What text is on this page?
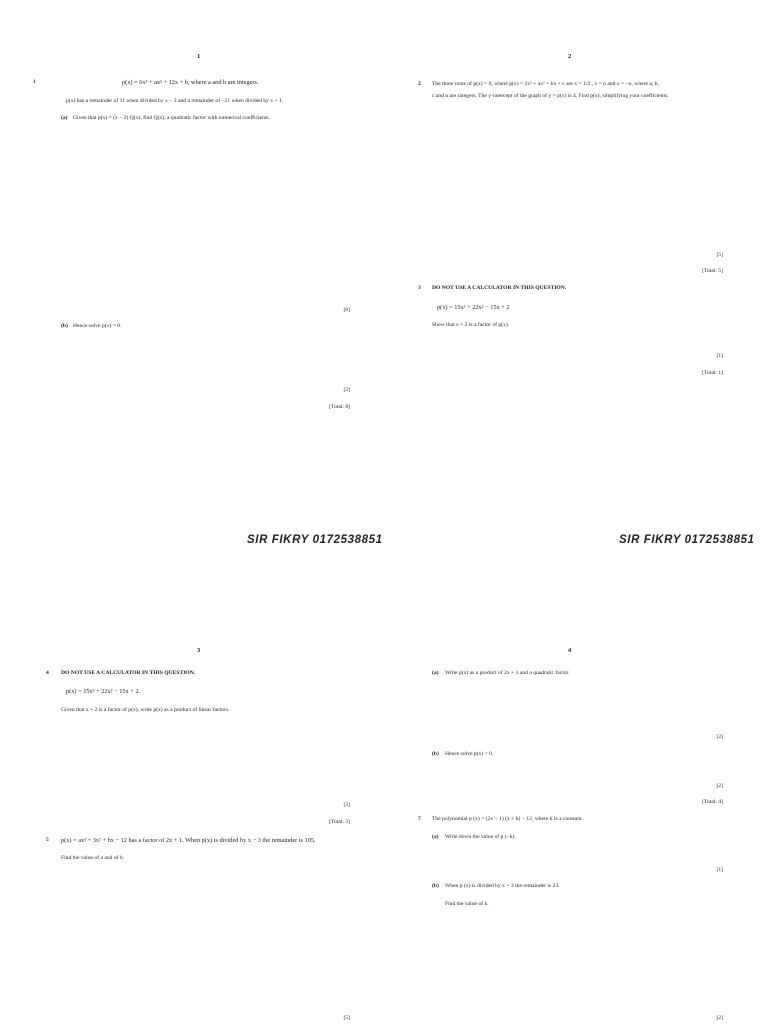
1
1	p(x) = 6x³ + ax² + 12x + b, where a and b are integers.
p(x) has a remainder of 11 when divided by x − 3 and a remainder of −21 when divided by x + 1.
(a) Given that p(x) = (x − 2) Q(x), find Q(x), a quadratic factor with numerical coefficients.
[6]
(b) Hence solve p(x) = 0.
[2]
[Total: 8]
2
2 The three roots of p(x) = 0, where p(x) = 2x³ + ax² + bx + c are x = 1/2 , x = n and x = −n, where a, b,
c and n are integers. The y-intercept of the graph of y = p(x) is 4. Find p(x), simplifying your coefficients.
[5]
[Total: 5]
3 DO NOT USE A CALCULATOR IN THIS QUESTION.
p(x) = 15x³ + 22x² − 15x + 2
Show that x + 2 is a factor of p(x).
[1]
[Total: 1]
SIR FIKRY 0172538851	SIR FIKRY 0172538851
3
4 DO NOT USE A CALCULATOR IN THIS QUESTION.
p(x) = 15x³ + 22x² − 15x + 2.
Given that x + 2 is a factor of p(x), write p(x) as a product of linear factors.
[3]
[Total: 3]
5 p(x) = ax³ + 3x² + bx − 12 has a factor of 2x + 1. When p(x) is divided by x − 3 the remainder is 105.
Find the value of a and of b.
[5]
4
(a) Write p(x) as a product of 2x + 1 and a quadratic factor.
[2]
(b) Hence solve p(x) = 0.
[2]
[Total: 4]
7 The polynomial p (x) = (2x − 1) (x + k) − 12, where k is a constant.
(a) Write down the value of p (−k).
[1]
(b) When p (x) is divided by x + 3 the remainder is 23.
Find the value of k.
[2]
